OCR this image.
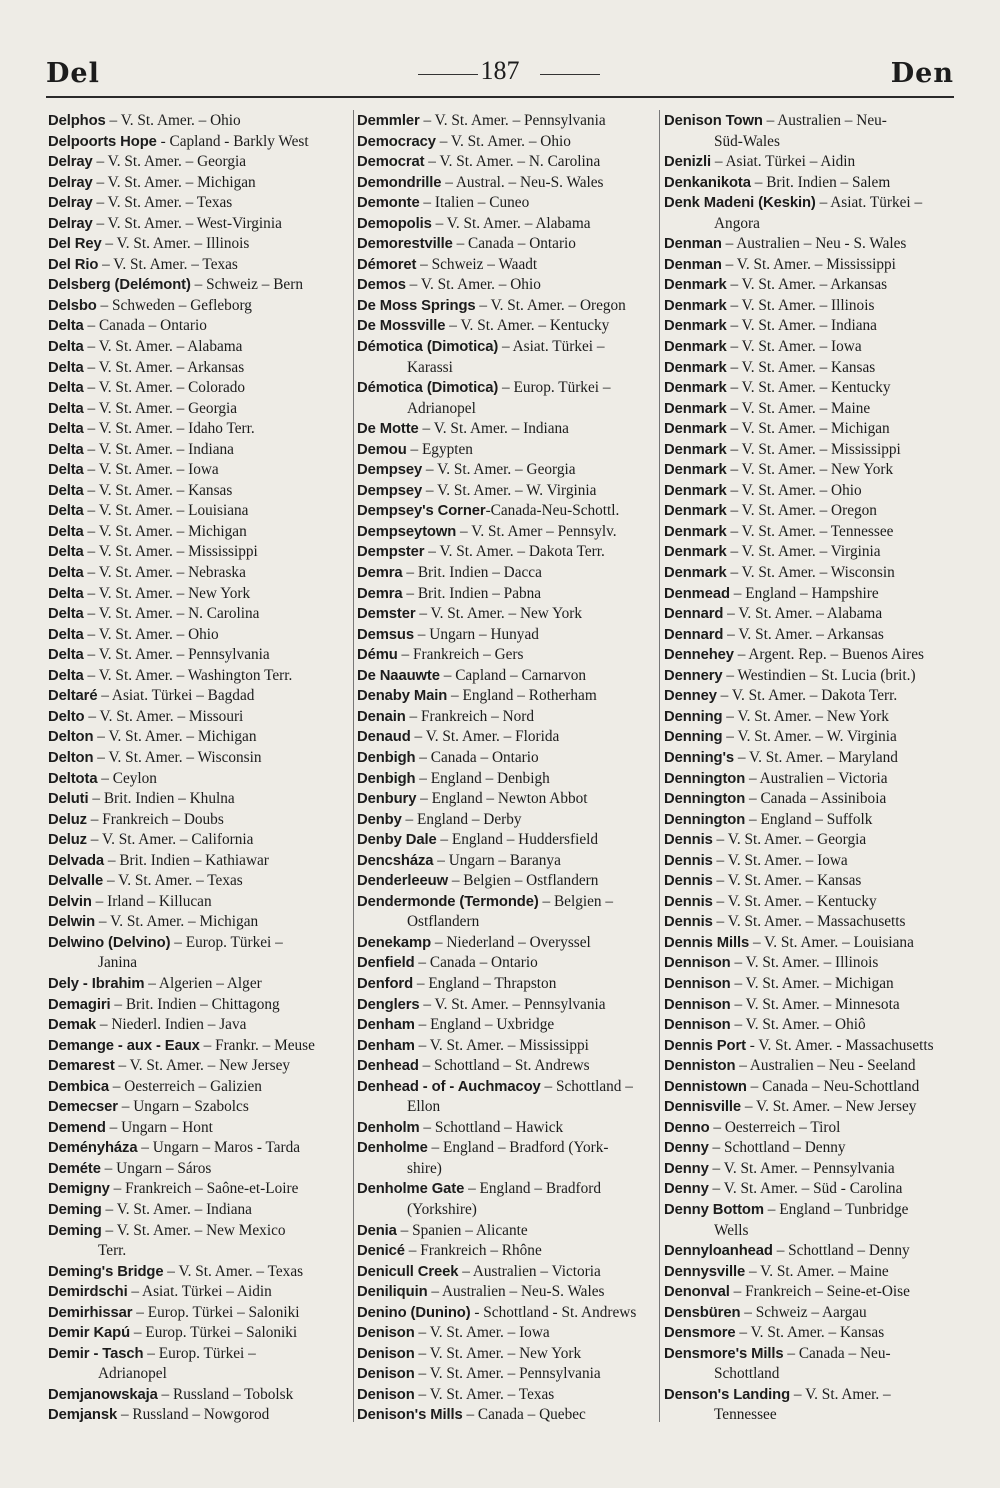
Del	187	Den
Delphos – V. St. Amer. – Ohio
Delpoorts Hope - Capland - Barkly West
Delray – V. St. Amer. – Georgia
Delray – V. St. Amer. – Michigan
Delray – V. St. Amer. – Texas
Delray – V. St. Amer. – West-Virginia
Del Rey – V. St. Amer. – Illinois
Del Rio – V. St. Amer. – Texas
Delsberg (Delémont) – Schweiz – Bern
Delsbo – Schweden – Gefleborg
Delta – Canada – Ontario
Delta – V. St. Amer. – Alabama
Delta – V. St. Amer. – Arkansas
Delta – V. St. Amer. – Colorado
Delta – V. St. Amer. – Georgia
Delta – V. St. Amer. – Idaho Terr.
Delta – V. St. Amer. – Indiana
Delta – V. St. Amer. – Iowa
Delta – V. St. Amer. – Kansas
Delta – V. St. Amer. – Louisiana
Delta – V. St. Amer. – Michigan
Delta – V. St. Amer. – Mississippi
Delta – V. St. Amer. – Nebraska
Delta – V. St. Amer. – New York
Delta – V. St. Amer. – N. Carolina
Delta – V. St. Amer. – Ohio
Delta – V. St. Amer. – Pennsylvania
Delta – V. St. Amer. – Washington Terr.
Deltaré – Asiat. Türkei – Bagdad
Delto – V. St. Amer. – Missouri
Delton – V. St. Amer. – Michigan
Delton – V. St. Amer. – Wisconsin
Deltota – Ceylon
Deluti – Brit. Indien – Khulna
Deluz – Frankreich – Doubs
Deluz – V. St. Amer. – California
Delvada – Brit. Indien – Kathiawar
Delvalle – V. St. Amer. – Texas
Delvin – Irland – Killucan
Delwin – V. St. Amer. – Michigan
Delwino (Delvino) – Europ. Türkei –
Janina
Dely - Ibrahim – Algerien – Alger
Demagiri – Brit. Indien – Chittagong
Demak – Niederl. Indien – Java
Demange - aux - Eaux – Frankr. – Meuse
Demarest – V. St. Amer. – New Jersey
Dembica – Oesterreich – Galizien
Demecser – Ungarn – Szabolcs
Demend – Ungarn – Hont
Deményháza – Ungarn – Maros - Tarda
Deméte – Ungarn – Sáros
Demigny – Frankreich – Saône-et-Loire
Deming – V. St. Amer. – Indiana
Deming – V. St. Amer. – New Mexico
Terr.
Deming's Bridge – V. St. Amer. – Texas
Demirdschi – Asiat. Türkei – Aidin
Demirhissar – Europ. Türkei – Saloniki
Demir Kapú – Europ. Türkei – Saloniki
Demir - Tasch – Europ. Türkei –
Adrianopel
Demjanowskaja – Russland – Tobolsk
Demjansk – Russland – Nowgorod
Demmler – V. St. Amer. – Pennsylvania
Democracy – V. St. Amer. – Ohio
Democrat – V. St. Amer. – N. Carolina
Demondrille – Austral. – Neu-S. Wales
Demonte – Italien – Cuneo
Demopolis – V. St. Amer. – Alabama
Demorestville – Canada – Ontario
Démoret – Schweiz – Waadt
Demos – V. St. Amer. – Ohio
De Moss Springs – V. St. Amer. – Oregon
De Mossville – V. St. Amer. – Kentucky
Démotica (Dimotica) – Asiat. Türkei –
Karassi
Démotica (Dimotica) – Europ. Türkei –
Adrianopel
De Motte – V. St. Amer. – Indiana
Demou – Egypten
Dempsey – V. St. Amer. – Georgia
Dempsey – V. St. Amer. – W. Virginia
Dempsey's Corner-Canada-Neu-Schottl.
Dempseytown – V. St. Amer – Pennsylv.
Dempster – V. St. Amer. – Dakota Terr.
Demra – Brit. Indien – Dacca
Demra – Brit. Indien – Pabna
Demster – V. St. Amer. – New York
Demsus – Ungarn – Hunyad
Dému – Frankreich – Gers
De Naauwte – Capland – Carnarvon
Denaby Main – England – Rotherham
Denain – Frankreich – Nord
Denaud – V. St. Amer. – Florida
Denbigh – Canada – Ontario
Denbigh – England – Denbigh
Denbury – England – Newton Abbot
Denby – England – Derby
Denby Dale – England – Huddersfield
Dencsháza – Ungarn – Baranya
Denderleeuw – Belgien – Ostflandern
Dendermonde (Termonde) – Belgien –
Ostflandern
Denekamp – Niederland – Overyssel
Denfield – Canada – Ontario
Denford – England – Thrapston
Denglers – V. St. Amer. – Pennsylvania
Denham – England – Uxbridge
Denham – V. St. Amer. – Mississippi
Denhead – Schottland – St. Andrews
Denhead - of - Auchmacoy – Schottland –
Ellon
Denholm – Schottland – Hawick
Denholme – England – Bradford (York-
shire)
Denholme Gate – England – Bradford
(Yorkshire)
Denia – Spanien – Alicante
Denicé – Frankreich – Rhône
Denicull Creek – Australien – Victoria
Deniliquin – Australien – Neu-S. Wales
Denino (Dunino) - Schottland - St. Andrews
Denison – V. St. Amer. – Iowa
Denison – V. St. Amer. – New York
Denison – V. St. Amer. – Pennsylvania
Denison – V. St. Amer. – Texas
Denison's Mills – Canada – Quebec
Denison Town – Australien – Neu-
Süd-Wales
Denizli – Asiat. Türkei – Aidin
Denkanikota – Brit. Indien – Salem
Denk Madeni (Keskin) – Asiat. Türkei –
Angora
Denman – Australien – Neu - S. Wales
Denman – V. St. Amer. – Mississippi
Denmark – V. St. Amer. – Arkansas
Denmark – V. St. Amer. – Illinois
Denmark – V. St. Amer. – Indiana
Denmark – V. St. Amer. – Iowa
Denmark – V. St. Amer. – Kansas
Denmark – V. St. Amer. – Kentucky
Denmark – V. St. Amer. – Maine
Denmark – V. St. Amer. – Michigan
Denmark – V. St. Amer. – Mississippi
Denmark – V. St. Amer. – New York
Denmark – V. St. Amer. – Ohio
Denmark – V. St. Amer. – Oregon
Denmark – V. St. Amer. – Tennessee
Denmark – V. St. Amer. – Virginia
Denmark – V. St. Amer. – Wisconsin
Denmead – England – Hampshire
Dennard – V. St. Amer. – Alabama
Dennard – V. St. Amer. – Arkansas
Dennehey – Argent. Rep. – Buenos Aires
Dennery – Westindien – St. Lucia (brit.)
Denney – V. St. Amer. – Dakota Terr.
Denning – V. St. Amer. – New York
Denning – V. St. Amer. – W. Virginia
Denning's – V. St. Amer. – Maryland
Dennington – Australien – Victoria
Dennington – Canada – Assiniboia
Dennington – England – Suffolk
Dennis – V. St. Amer. – Georgia
Dennis – V. St. Amer. – Iowa
Dennis – V. St. Amer. – Kansas
Dennis – V. St. Amer. – Kentucky
Dennis – V. St. Amer. – Massachusetts
Dennis Mills – V. St. Amer. – Louisiana
Dennison – V. St. Amer. – Illinois
Dennison – V. St. Amer. – Michigan
Dennison – V. St. Amer. – Minnesota
Dennison – V. St. Amer. – Ohiô
Dennis Port - V. St. Amer. - Massachusetts
Denniston – Australien – Neu - Seeland
Dennistown – Canada – Neu-Schottland
Dennisville – V. St. Amer. – New Jersey
Denno – Oesterreich – Tirol
Denny – Schottland – Denny
Denny – V. St. Amer. – Pennsylvania
Denny – V. St. Amer. – Süd - Carolina
Denny Bottom – England – Tunbridge
Wells
Dennyloanhead – Schottland – Denny
Dennysville – V. St. Amer. – Maine
Denonval – Frankreich – Seine-et-Oise
Densbüren – Schweiz – Aargau
Densmore – V. St. Amer. – Kansas
Densmore's Mills – Canada – Neu-
Schottland
Denson's Landing – V. St. Amer. –
Tennessee
